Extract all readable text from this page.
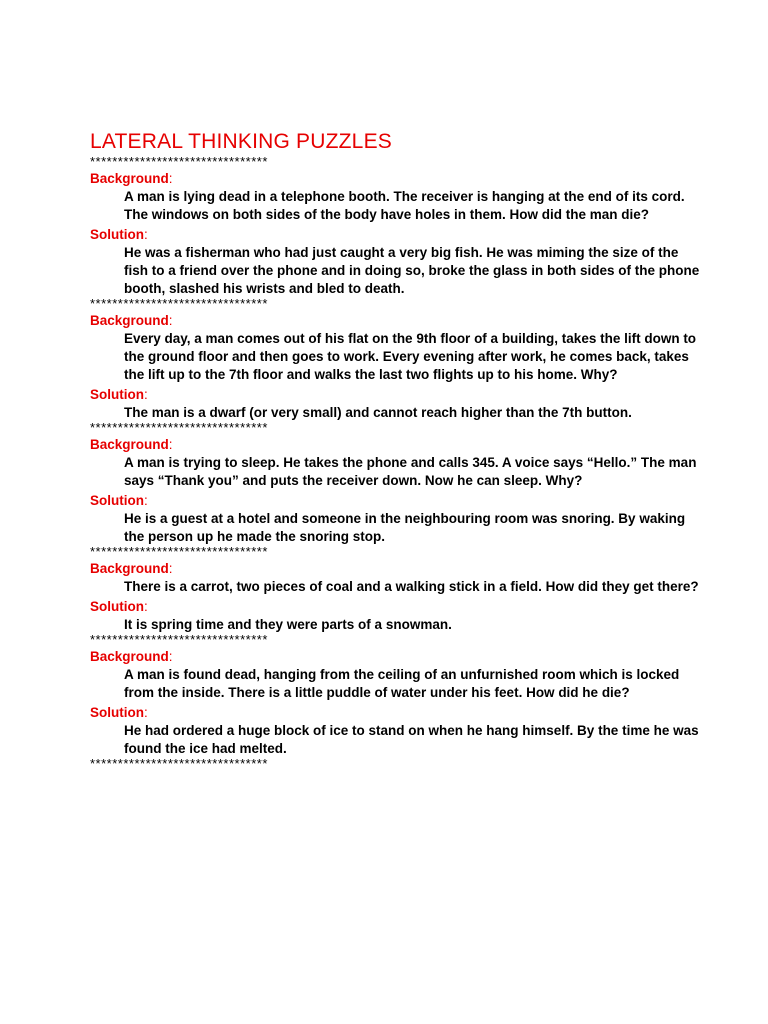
LATERAL THINKING PUZZLES
********************************
Background:

A man is lying dead in a telephone booth. The receiver is hanging at the end of its cord. The windows on both sides of the body have holes in them. How did the man die?

Solution:

He was a fisherman who had just caught a very big fish. He was miming the size of the fish to a friend over the phone and in doing so, broke the glass in both sides of the phone booth, slashed his wrists and bled to death.

********************************
Background:

Every day, a man comes out of his flat on the 9th floor of a building, takes the lift down to the ground floor and then goes to work. Every evening after work, he comes back, takes the lift up to the 7th floor and walks the last two flights up to his home. Why?

Solution:

The man is a dwarf (or very small) and cannot reach higher than the 7th button.

********************************
Background:

A man is trying to sleep. He takes the phone and calls 345. A voice says “Hello.” The man says “Thank you” and puts the receiver down. Now he can sleep. Why?

Solution:

He is a guest at a hotel and someone in the neighbouring room was snoring. By waking the person up he made the snoring stop.

********************************
Background:

There is a carrot, two pieces of coal and a walking stick in a field. How did they get there?

Solution:

It is spring time and they were parts of a snowman.

********************************
Background:

A man is found dead, hanging from the ceiling of an unfurnished room which is locked from the inside. There is a little puddle of water under his feet. How did he die?

Solution:

He had ordered a huge block of ice to stand on when he hang himself. By the time he was found the ice had melted.

********************************
